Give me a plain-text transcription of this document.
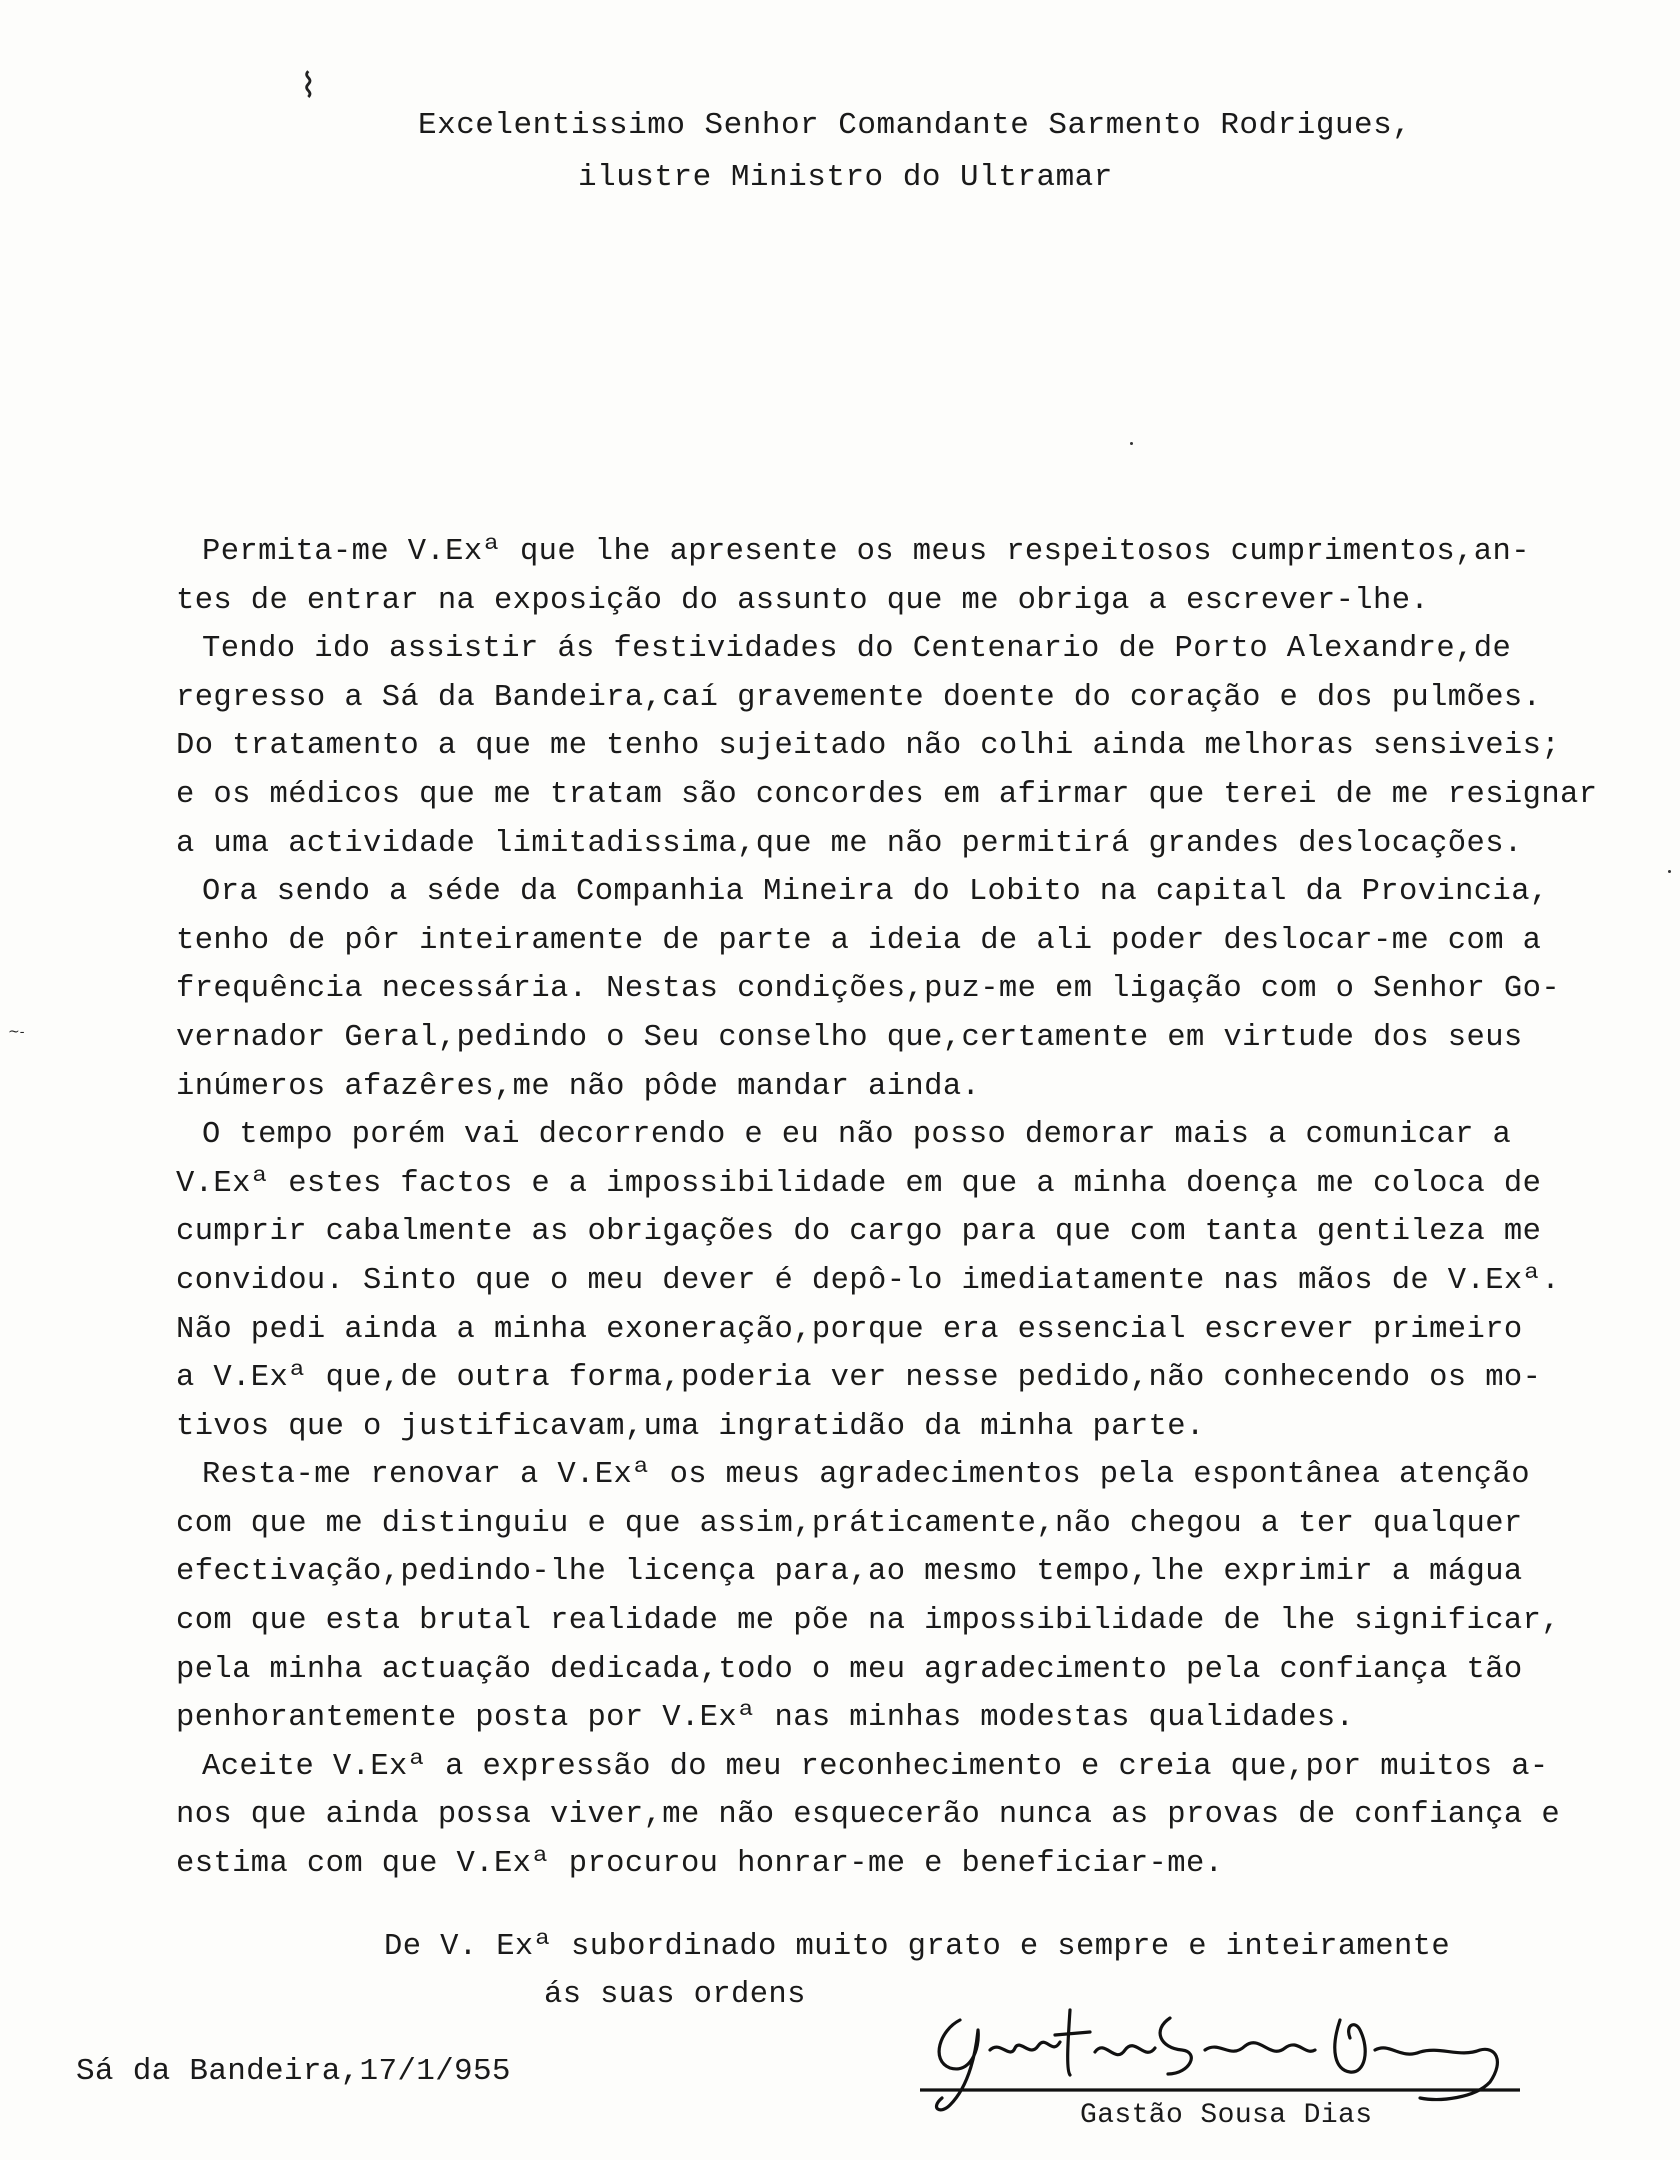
⌇
~‐
Excelentissimo Senhor Comandante Sarmento Rodrigues,
ilustre Ministro do Ultramar
Permita-me V.Exª que lhe apresente os meus respeitosos cumprimentos,an-
tes de entrar na exposição do assunto que me obriga a escrever-lhe.
Tendo ido assistir ás festividades do Centenario de Porto Alexandre,de
regresso a Sá da Bandeira,caí gravemente doente do coração e dos pulmões.
Do tratamento a que me tenho sujeitado não colhi ainda melhoras sensiveis;
e os médicos que me tratam são concordes em afirmar que terei de me resignar
a uma actividade limitadissima,que me não permitirá grandes deslocações.
Ora sendo a séde da Companhia Mineira do Lobito na capital da Provincia,
tenho de pôr inteiramente de parte a ideia de ali poder deslocar-me com a
frequência necessária. Nestas condições,puz-me em ligação com o Senhor Go-
vernador Geral,pedindo o Seu conselho que,certamente em virtude dos seus
inúmeros afazêres,me não pôde mandar ainda.
O tempo porém vai decorrendo e eu não posso demorar mais a comunicar a
V.Exª estes factos e a impossibilidade em que a minha doença me coloca de
cumprir cabalmente as obrigações do cargo para que com tanta gentileza me
convidou. Sinto que o meu dever é depô-lo imediatamente nas mãos de V.Exª.
Não pedi ainda a minha exoneração,porque era essencial escrever primeiro
a V.Exª que,de outra forma,poderia ver nesse pedido,não conhecendo os mo-
tivos que o justificavam,uma ingratidão da minha parte.
Resta-me renovar a V.Exª os meus agradecimentos pela espontânea atenção
com que me distinguiu e que assim,práticamente,não chegou a ter qualquer
efectivação,pedindo-lhe licença para,ao mesmo tempo,lhe exprimir a mágua
com que esta brutal realidade me põe na impossibilidade de lhe significar,
pela minha actuação dedicada,todo o meu agradecimento pela confiança tão
penhorantemente posta por V.Exª nas minhas modestas qualidades.
Aceite V.Exª a expressão do meu reconhecimento e creia que,por muitos a-
nos que ainda possa viver,me não esquecerão nunca as provas de confiança e
estima com que V.Exª procurou honrar-me e beneficiar-me.
De V. Exª subordinado muito grato e sempre e inteiramente
ás suas ordens
Sá da Bandeira,17/1/955
Gastão Sousa Dias
